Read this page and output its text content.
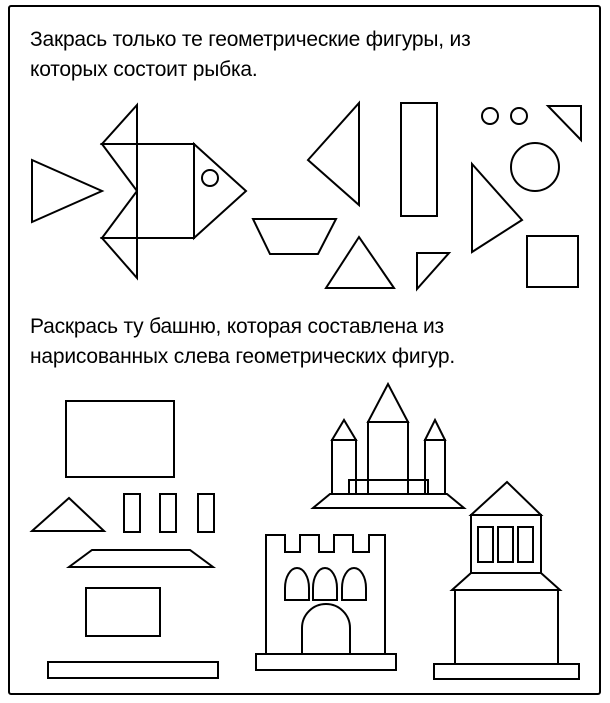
Закрась только те геометрические фигуры, из
которых состоит рыбка.

Раскрась ту башню, которая составлена из
нарисованных слева геометрических фигур.
